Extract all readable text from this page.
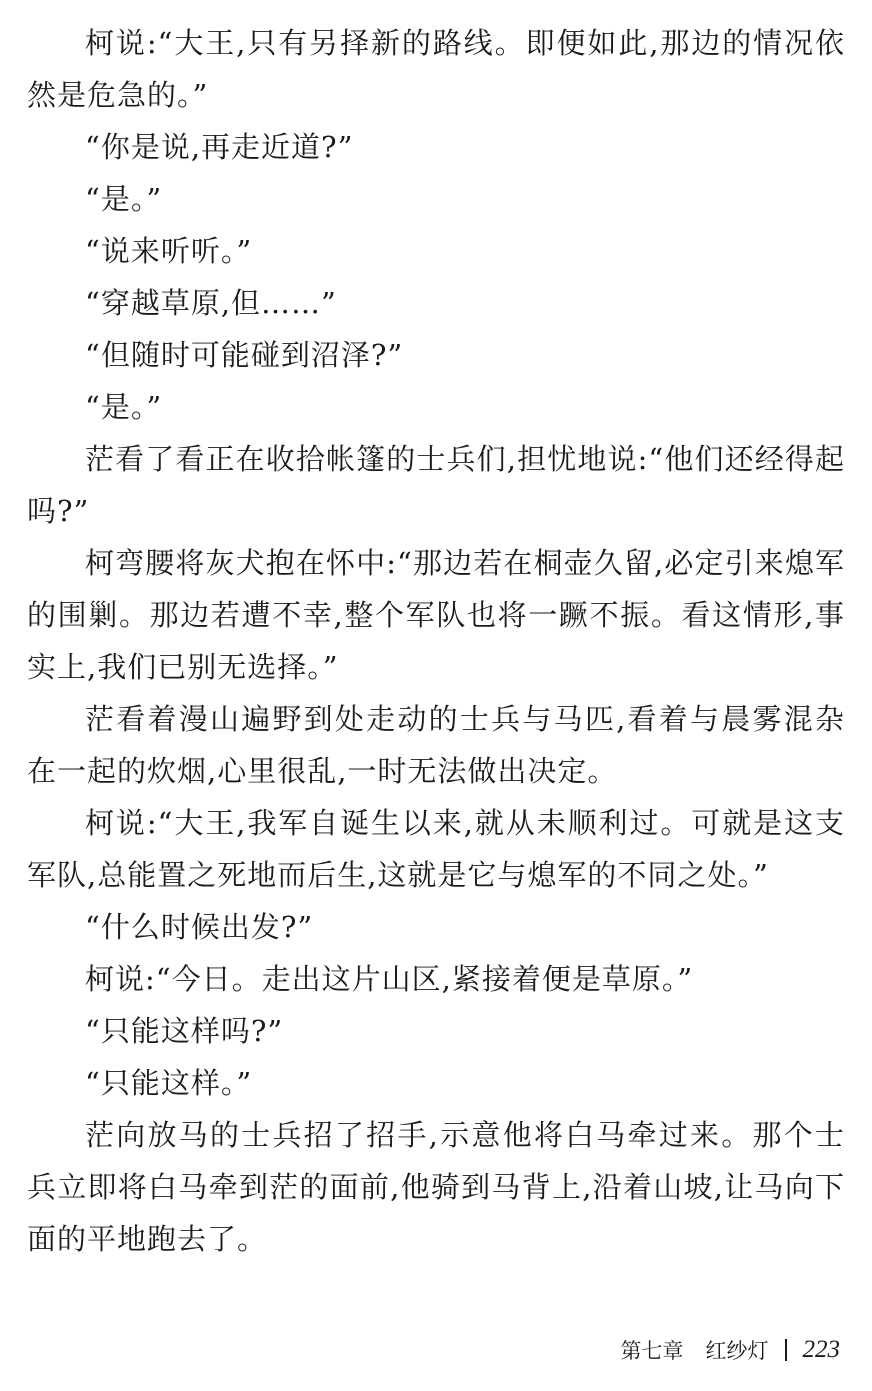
柯说:“大王,只有另择新的路线。即便如此,那边的情况依然是危急的。”

“你是说,再走近道?”

“是。”

“说来听听。”

“穿越草原,但……”

“但随时可能碰到沼泽?”

“是。”

茫看了看正在收拾帐篷的士兵们,担忧地说:“他们还经得起吗?”

柯弯腰将灰犬抱在怀中:“那边若在桐壶久留,必定引来熄军的围剿。那边若遭不幸,整个军队也将一蹶不振。看这情形,事实上,我们已别无选择。”

茫看着漫山遍野到处走动的士兵与马匹,看着与晨雾混杂在一起的炊烟,心里很乱,一时无法做出决定。

柯说:“大王,我军自诞生以来,就从未顺利过。可就是这支军队,总能置之死地而后生,这就是它与熄军的不同之处。”

“什么时候出发?”

柯说:“今日。走出这片山区,紧接着便是草原。”

“只能这样吗?”

“只能这样。”

茫向放马的士兵招了招手,示意他将白马牵过来。那个士兵立即将白马牵到茫的面前,他骑到马背上,沿着山坡,让马向下面的平地跑去了。

第七章 红纱灯 223
